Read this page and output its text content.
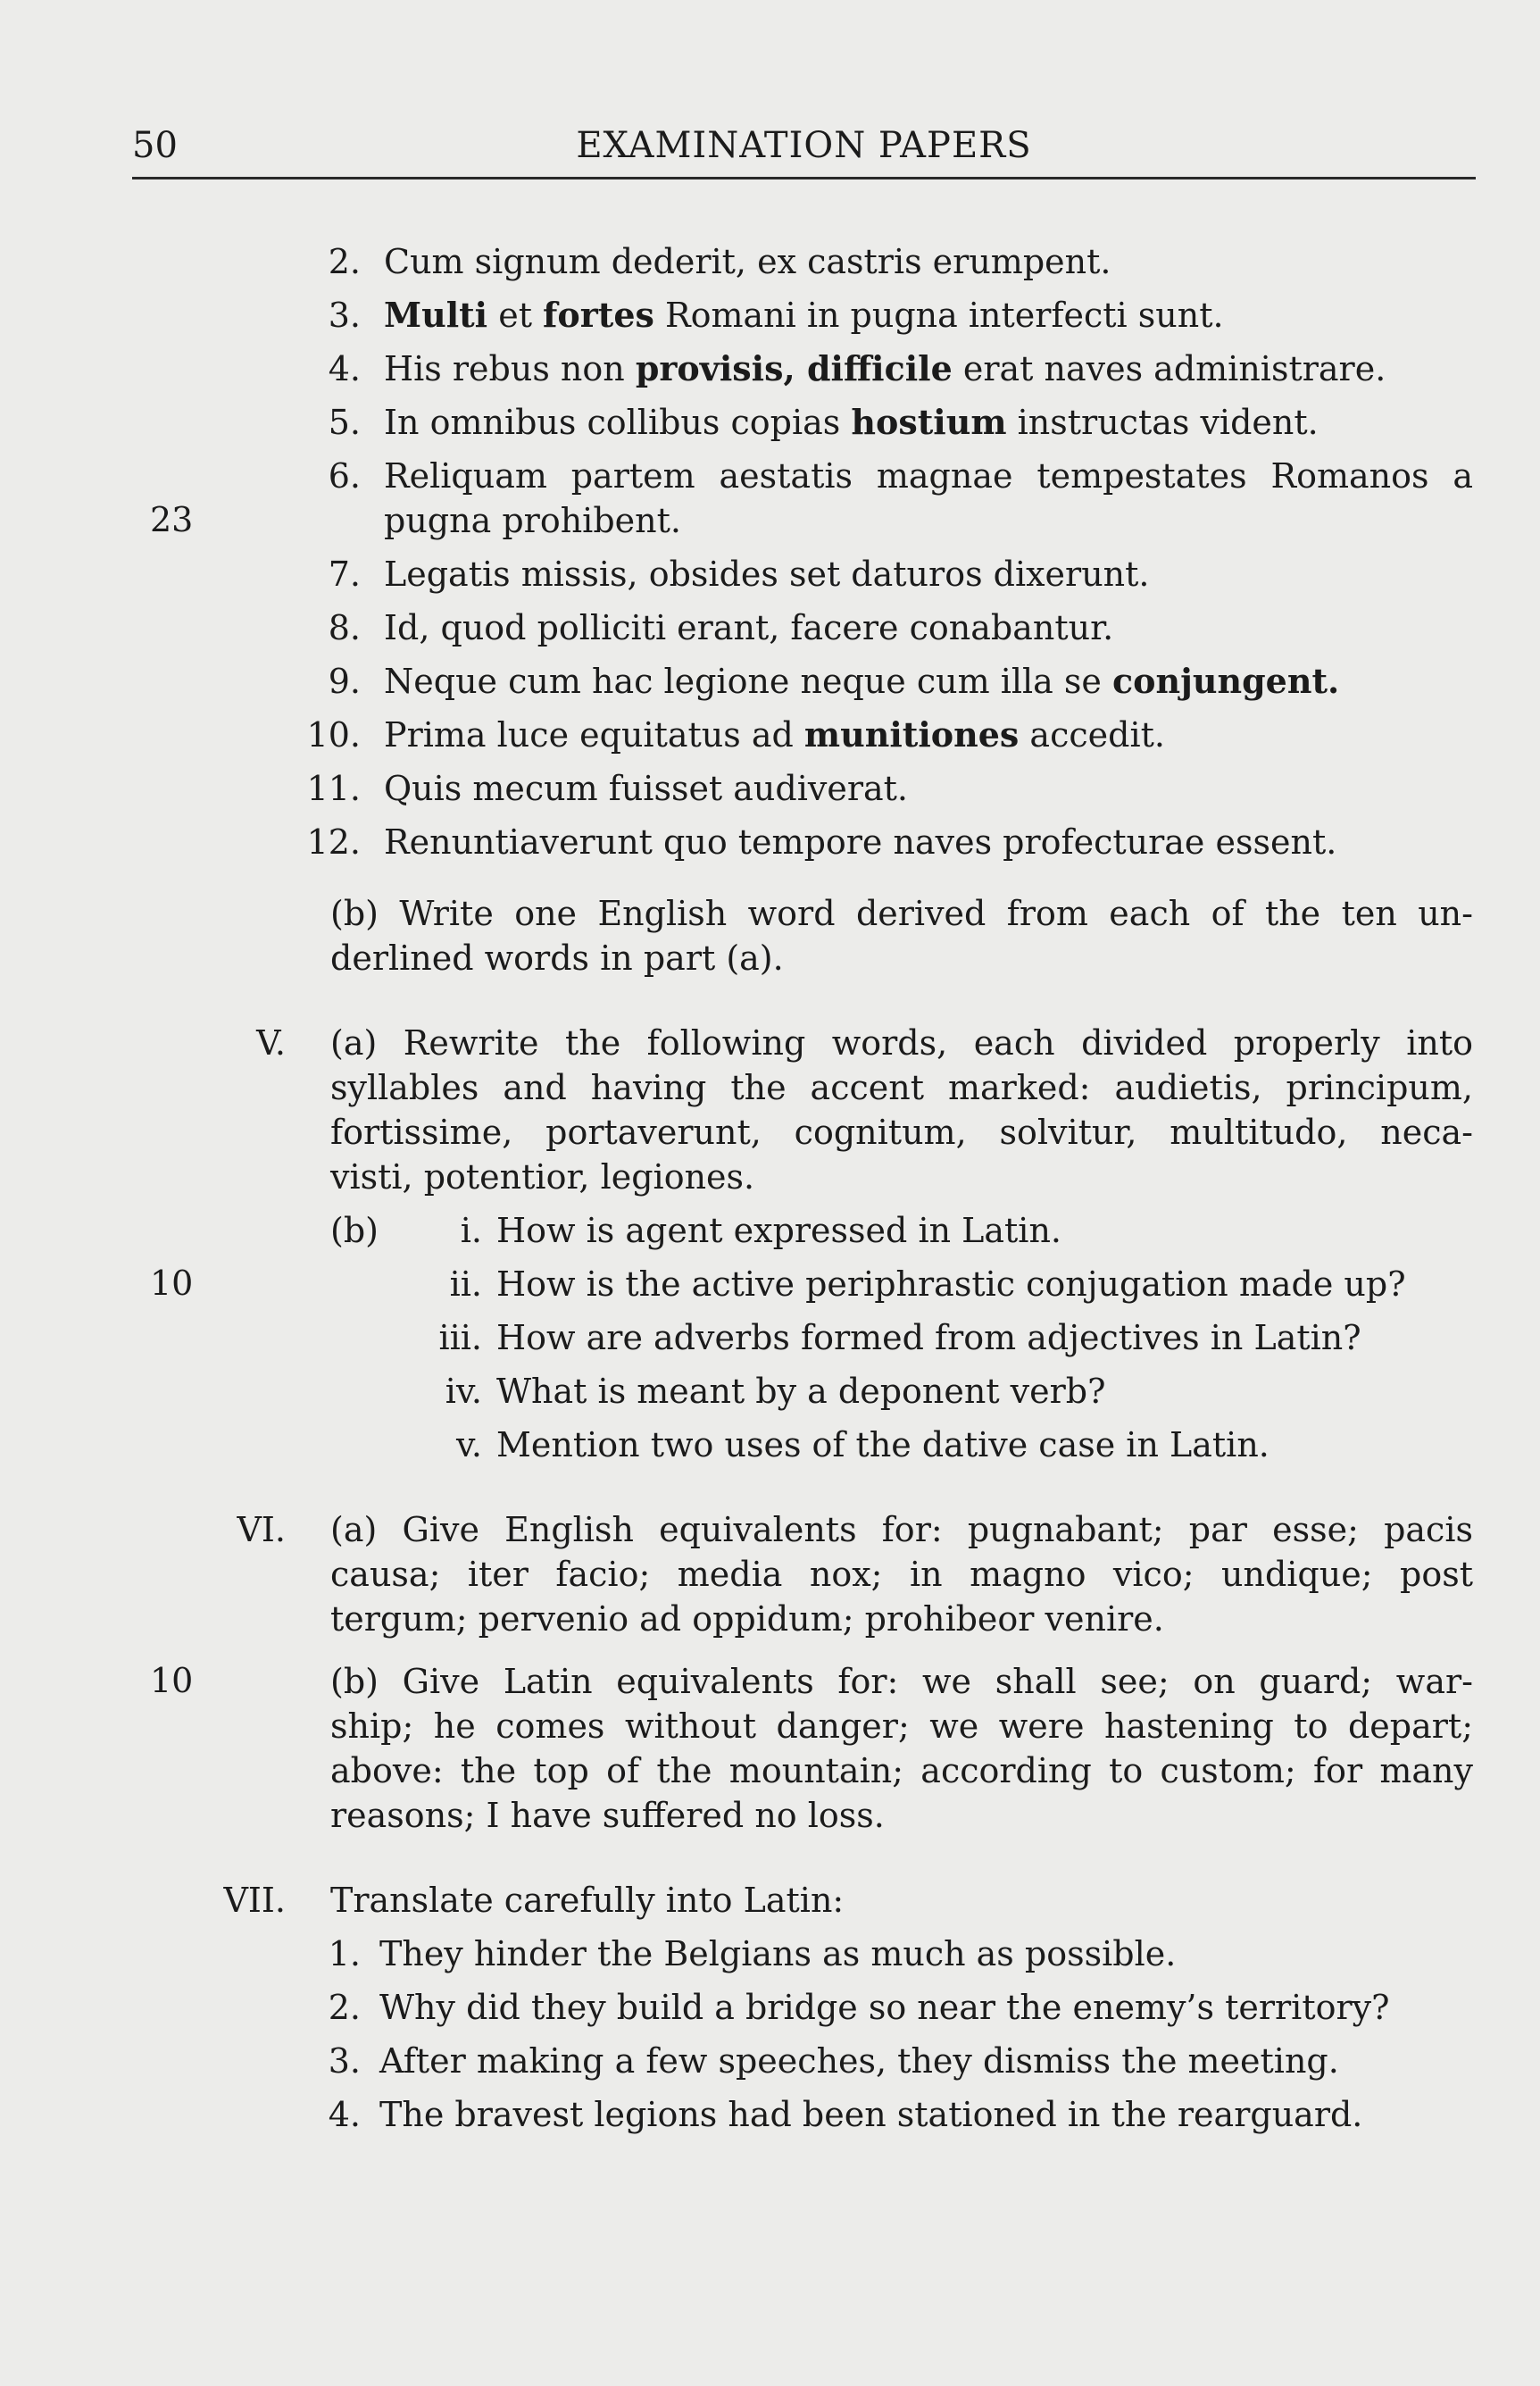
50	EXAMINATION PAPERS
23
10
10
2. Cum signum dederit, ex castris erumpent.
3. Multi et fortes Romani in pugna interfecti sunt.
4. His rebus non provisis, difficile erat naves administrare.
5. In omnibus collibus copias hostium instructas vident.
6. Reliquam partem aestatis magnae tempestates Romanos a
pugna prohibent.
7. Legatis missis, obsides set daturos dixerunt.
8. Id, quod polliciti erant, facere conabantur.
9. Neque cum hac legione neque cum illa se conjungent.
10. Prima luce equitatus ad munitiones accedit.
11. Quis mecum fuisset audiverat.
12. Renuntiaverunt quo tempore naves profecturae essent.
(b) Write one English word derived from each of the ten un-
derlined words in part (a).
V. (a) Rewrite the following words, each divided properly into
syllables and having the accent marked: audietis, principum,
fortissime, portaverunt, cognitum, solvitur, multitudo, neca-
visti, potentior, legiones.
(b)	i. How is agent expressed in Latin.
ii. How is the active periphrastic conjugation made up?
iii. How are adverbs formed from adjectives in Latin?
iv. What is meant by a deponent verb?
v. Mention two uses of the dative case in Latin.
VI. (a) Give English equivalents for: pugnabant; par esse; pacis
causa; iter facio; media nox; in magno vico; undique; post
tergum; pervenio ad oppidum; prohibeor venire.
(b) Give Latin equivalents for: we shall see; on guard; war-
ship; he comes without danger; we were hastening to depart;
above: the top of the mountain; according to custom; for many
reasons; I have suffered no loss.
VII. Translate carefully into Latin:
1. They hinder the Belgians as much as possible.
2. Why did they build a bridge so near the enemy’s territory?
3. After making a few speeches, they dismiss the meeting.
4. The bravest legions had been stationed in the rearguard.
